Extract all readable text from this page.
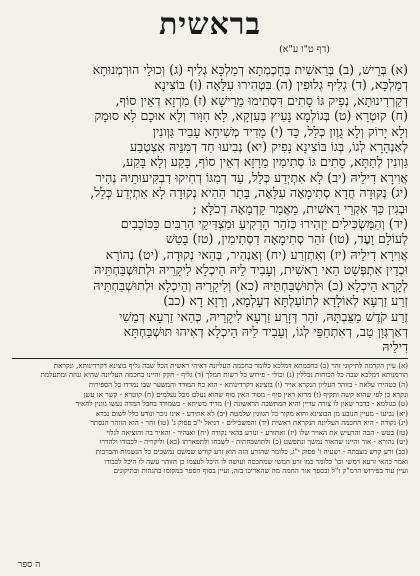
בראשית
(דף ט"ו ע"א)
(א) בְּרֵישׁ, (ב) בְּרֵאשִׁית בְּחָכְמְתָא דְמַלְכָּא גְלִיף (ג) וְכוּלֵי הוּרְמְנוּתָא
דְמַלְכָּא, (ד) גְלִיף גְלוּפִין (ה) בִּטְהִירוּ עִלָּאָה (ו) בּוֹצִינָא
דְקַרְדִינוּתָא, נְפִיק גּוֹ סָתִים דִּסְתִימוּ מֵרֵישָׁא (ז) מִרְזָא דְאֵין סוֹף,
(ח) קוּטְרָא (ט) בְּגוֹלְמָא נָעִיץ בְּעִזְקָא, לָא חִוָּור וְלָא אוּכָם לָא סוּמָק
וְלָא יָרוֹק וְלָא גָוֶון כְּלַל, כַּד (י) מָדִיד מְשִׁיחָא עָבִיד גַּוְונִין
לְאַנְהָרָא לְגוֹ, בְּגוֹ בּוֹצִינָא נָפִיק (יא) נְבִיעוּ חַד דְמִנֵּיהּ אִצְטְבַע
גַּוְונִין לְתַתָּא, סָתִים גּוֹ סְתִימִין מֵרָזָא דְאֵין סוֹף, בָּקַע וְלָא בָּקַע,
אֲוִירָא דִילֵיהּ (יב) לָא אִתְיְדַע כְּלַל, עַד דְמִגּוֹ דְחִיקוּ דִבְקִיעוּתֵיהּ נְהִיר
(יג) נְקוּדָה חֲדָא סְתִימָאָה עִלָּאָה, בָּתַר הַהִיא נְקוּדָה לָא אִתְיְדַע כְּלַל,
וּבְגִין כַּךְ אִקְרֵי רֵאשִׁית, מַאֲמָר קַדְמָאָה דְכֹלָּא ;
(יד) וְהַמַּשְׂכִּילִים יַזְהִירוּ כְּזֹהַר הָרָקִיעַ וּמַצְדִּיקֵי הָרַבִּים כַּכּוֹכָבִים
לְעוֹלָם וָעֶד, (טו) זֹהַר סְתִימָאָה דִסְתִימִין, (טז) בָּטַשׁ
אֲוִירָא דִילֵיהּ (יז) וְאִתְזְרַע (יח) וְאַנְהִיר, בְּהַאי נְקוּדָה, (יט) נְהוֹרָא
וּכְדֵין אִתְפְּשַׁט הַאי רֵאשִׁית, וְעָבִיד לֵיהּ הֵיכְלָא לִיקָרֵיהּ וּלְתוּשְׁבַּחְתֵּיהּ
לְקָרָא הֵיכְלָא (כ) וּלְתוּשְׁבַּחְתֵּיהּ (כא) וְלִיקָרֵיהּ וְהֵיכְלָא וּלְתוּשְׁבַּחְתֵּיהּ
זְרַע זַרְעָא לְאוֹלָדָא לְתוֹעַלְתָּא דְעָלְמָא, וְרָזָא דָא (כב)
זֶרַע קֹדֶשׁ מַצַּבְתָּהּ, זֹהַר דְּזָרַע זַרְעָא לִיקָרֵיהּ, כְּהַאי זַרְעָא דְמֵשִׁי
דְאַרְגְּוָן טַב, דְאִתְחַפֵּי לְגוֹ, וְעָבִיד לֵיהּ הֵיכְלָא דְאִיהוּ תּוּשְׁבַּחְתָּא
דִילֵיהּ
(א) עיין הקדמה לתיקוני זהר (ב) בחכמתא דמלכא כלומר בחכמה העליונה דאיהי ראשית הכל שבה גליף בוצינא דקרדינותא, ונקראת
הורמנותא דמלכא שבה כל הכוחות נכללין (ג) וכולי - פירוש כל רשות המלך (ד) גליף - חקק והיינו בחכמה העליונה שהיא גנוזה ומתעלמת
(ה) בטהירו עלאה - בזוהר העליון הנקרא אויר (ו) בוצינא דקרדינותא - הוא כח המודד והמשער שבו נמדדו כל הספירות
ונקרא כן לפי שהוא קשה ותקיף (ז) מרזא דאין סוף - מסוד האין סוף שהוא נעלם מכל נעלמים (ח) קוטרא - קשר או עשן
(ט) בגולמא - בדבר שאין לו צורה עדיין והיא המחשבה הראשונה (י) מדיד משיחא - כשמודד בחבל המדה נעשו גוונין להאיר
(יא) נביעו - מעיין הנובע מן הבוצינא והוא מקור כל הגוונין שלמטה (יב) לא אתידע - אינו ניכר ונודע כלל לשום נברא
(יג) נקודה - היא החכמה העליונה הנקראת ראשית (יד) והמשכילים - דניאל י"ב פסוק ג' (טו) זהר - הוא הזוהר הנסתר
(טז) בטש - הכה והרעיש את האויר שלו (יז) ואתזרע - ונזרע בהאי נקודה (יח) ואנהיר - והאיר בה והוציאה לגלוי
(יט) נהורא - אור והיינו שהאור נמשך ונתפשט (כ) ולתושבחתיה - לשבחו ולתפארתו (כא) וליקריה - לכבודו ולהדרו
(כב) זרע קדש מצבתה - ישעיה ו' פסוק י"ג, כלומר שהזרע הזה הוא זרע קודש שמשם נמשכים כל הנשמות והברכות
ואמר כהאי זרעא דמשי וכו' כלומר כמו זרע המשי שמתכסה ועושה לו היכל לעצמו כן הזוהר עשה לו היכל לכבודו
ועיין עוד בפירוש הרמ"ק ז"ל ובספר אור החמה מה שהאריכו בזה, ועיין בסוף הספר במקומו בהגהות ובתיקונים
ה ספר
